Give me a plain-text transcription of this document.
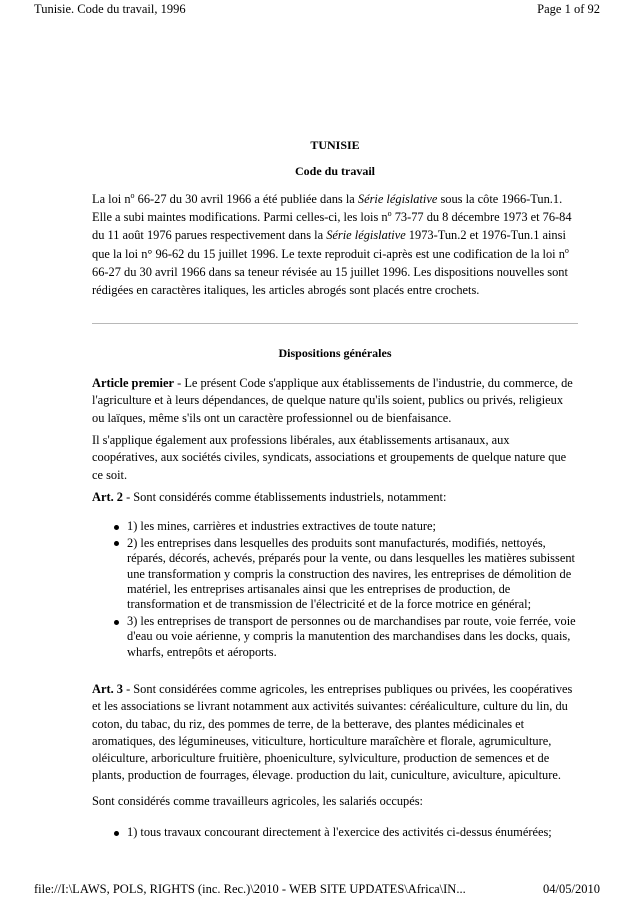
Tunisie. Code du travail, 1996	Page 1 of 92
TUNISIE
Code du travail
La loi $n^o$ 66-27 du 30 avril 1966 a été publiée dans la Série législative sous la côte 1966-Tun.1. Elle a subi maintes modifications. Parmi celles-ci, les lois $n^o$ 73-77 du 8 décembre 1973 et 76-84 du 11 août 1976 parues respectivement dans la Série législative 1973-Tun.2 et 1976-Tun.1 ainsi que la loi n° 96-62 du 15 juillet 1996. Le texte reproduit ci-après est une codification de la loi $n^o$ 66-27 du 30 avril 1966 dans sa teneur révisée au 15 juillet 1996. Les dispositions nouvelles sont rédigées en caractères italiques, les articles abrogés sont placés entre crochets.
Dispositions générales
Article premier - Le présent Code s'applique aux établissements de l'industrie, du commerce, de l'agriculture et à leurs dépendances, de quelque nature qu'ils soient, publics ou privés, religieux ou laïques, même s'ils ont un caractère professionnel ou de bienfaisance.
Il s'applique également aux professions libérales, aux établissements artisanaux, aux coopératives, aux sociétés civiles, syndicats, associations et groupements de quelque nature que ce soit.
Art. 2 - Sont considérés comme établissements industriels, notamment:
1) les mines, carrières et industries extractives de toute nature;
2) les entreprises dans lesquelles des produits sont manufacturés, modifiés, nettoyés, réparés, décorés, achevés, préparés pour la vente, ou dans lesquelles les matières subissent une transformation y compris la construction des navires, les entreprises de démolition de matériel, les entreprises artisanales ainsi que les entreprises de production, de transformation et de transmission de l'électricité et de la force motrice en général;
3) les entreprises de transport de personnes ou de marchandises par route, voie ferrée, voie d'eau ou voie aérienne, y compris la manutention des marchandises dans les docks, quais, wharfs, entrepôts et aéroports.
Art. 3 - Sont considérées comme agricoles, les entreprises publiques ou privées, les coopératives et les associations se livrant notamment aux activités suivantes: céréaliculture, culture du lin, du coton, du tabac, du riz, des pommes de terre, de la betterave, des plantes médicinales et aromatiques, des légumineuses, viticulture, horticulture maraîchère et florale, agrumiculture, oléiculture, arboriculture fruitière, phoeniculture, sylviculture, production de semences et de plants, production de fourrages, élevage. production du lait, cuniculture, aviculture, apiculture.
Sont considérés comme travailleurs agricoles, les salariés occupés:
1) tous travaux concourant directement à l'exercice des activités ci-dessus énumérées;
file://I:\LAWS, POLS, RIGHTS (inc. Rec.)\2010 - WEB SITE UPDATES\Africa\IN...	04/05/2010
